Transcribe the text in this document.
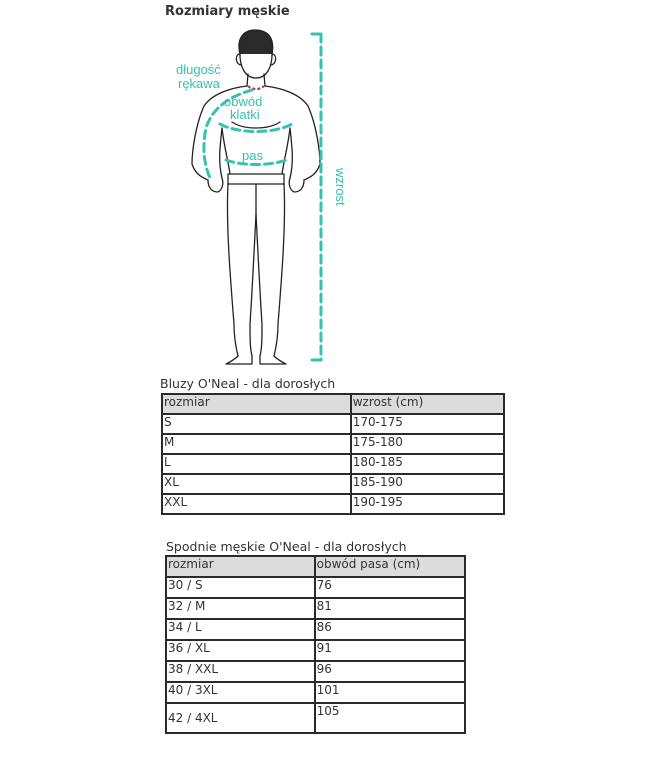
Rozmiary męskie
długość
rękawa
obwód
klatki
pas
wzrost
Bluzy O'Neal - dla dorosłych
rozmiar	wzrost (cm)
S	170-175
M	175-180
L	180-185
XL	185-190
XXL	190-195
Spodnie męskie O'Neal - dla dorosłych
rozmiar	obwód pasa (cm)
30 / S	76
32 / M	81
34 / L	86
36 / XL	91
38 / XXL	96
40 / 3XL	101
42 / 4XL	105
